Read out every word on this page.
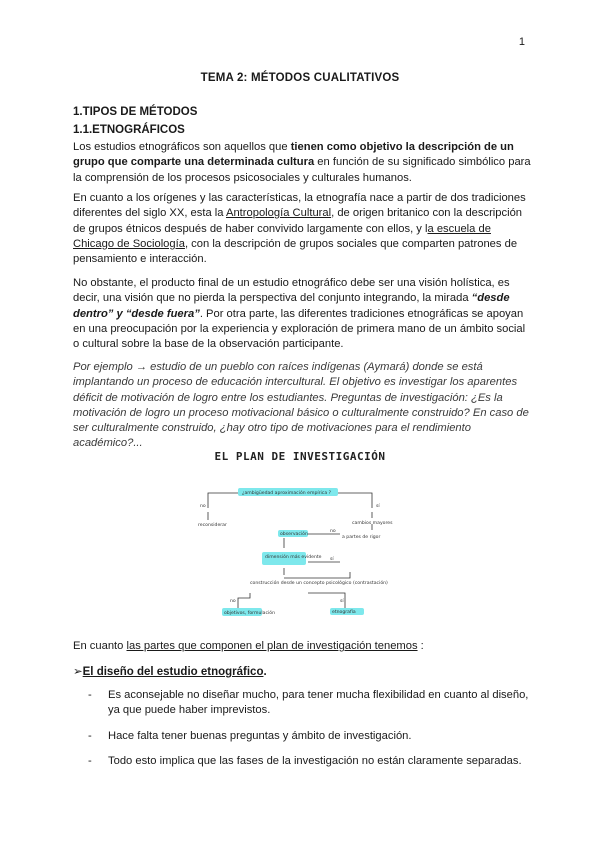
1
TEMA 2: MÉTODOS CUALITATIVOS
1.TIPOS DE MÉTODOS
1.1.ETNOGRÁFICOS

Los estudios etnográficos son aquellos que tienen como objetivo la descripción de un grupo que comparte una determinada cultura en función de su significado simbólico para la comprensión de los procesos psicosociales y culturales humanos.

En cuanto a los orígenes y las características, la etnografía nace a partir de dos tradiciones diferentes del siglo XX, esta la Antropología Cultural, de origen britanico con la descripción de grupos étnicos después de haber convivido largamente con ellos, y la escuela de Chicago de Sociología, con la descripción de grupos sociales que comparten patrones de pensamiento e interacción.

No obstante, el producto final de un estudio etnográfico debe ser una visión holística, es decir, una visión que no pierda la perspectiva del conjunto integrando, la mirada “desde dentro” y “desde fuera”. Por otra parte, las diferentes tradiciones etnográficas se apoyan en una preocupación por la experiencia y exploración de primera mano de un ámbito social o cultural sobre la base de la observación participante.

Por ejemplo → estudio de un pueblo con raíces indígenas (Aymará) donde se está implantando un proceso de educación intercultural. El objetivo es investigar los aparentes déficit de motivación de logro entre los estudiantes. Preguntas de investigación: ¿Es la motivación de logro un proceso motivacional básico o culturalmente construido? En caso de ser culturalmente construido, ¿hay otro tipo de motivaciones para el rendimiento académico?...

EL PLAN DE INVESTIGACIÓN
¿ambigüedad aproximación empírica ?
no	sí
reconsiderar	cambios mayores
observación
no
a partes de rigor
dimensión más evidente sí
construcción desde un concepto psicológico (contrastación)
no	sí
objetivos, formulación	etnografía

En cuanto las partes que componen el plan de investigación tenemos :

➢El diseño del estudio etnográfico.
- Es aconsejable no diseñar mucho, para tener mucha flexibilidad en cuanto al diseño, ya que puede haber imprevistos.
- Hace falta tener buenas preguntas y ámbito de investigación.
- Todo esto implica que las fases de la investigación no están claramente separadas.
